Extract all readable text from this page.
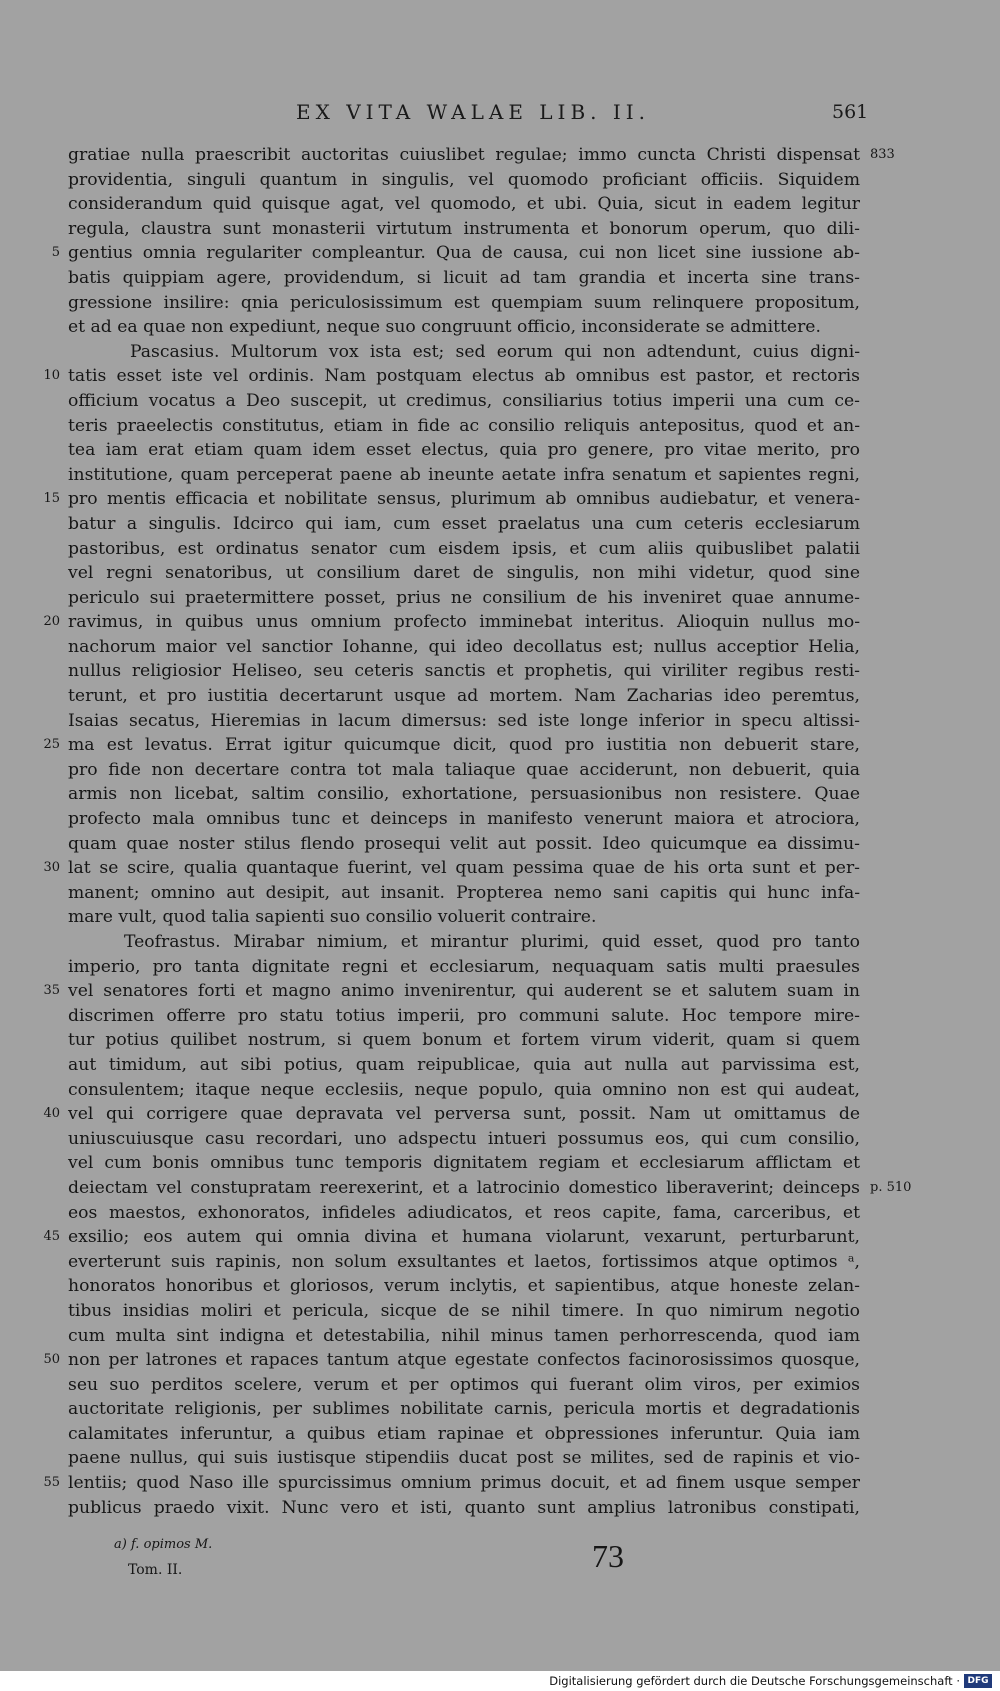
EX VITA WALAE LIB. II.	561
gratiae nulla praescribit auctoritas cuiuslibet regulae; immo cuncta Christi dispensat 833
providentia, singuli quantum in singulis, vel quomodo proficiant officiis. Siquidem
considerandum quid quisque agat, vel quomodo, et ubi. Quia, sicut in eadem legitur
regula, claustra sunt monasterii virtutum instrumenta et bonorum operum, quo dili-
gentius omnia regulariter compleantur. Qua de causa, cui non licet sine iussione ab-
5
batis quippiam agere, providendum, si licuit ad tam grandia et incerta sine trans-
gressione insilire: qnia periculosissimum est quempiam suum relinquere propositum,
et ad ea quae non expediunt, neque suo congruunt officio, inconsiderate se admittere.
Pascasius. Multorum vox ista est; sed eorum qui non adtendunt, cuius digni-
tatis esset iste vel ordinis. Nam postquam electus ab omnibus est pastor, et rectoris
10
officium vocatus a Deo suscepit, ut credimus, consiliarius totius imperii una cum ce-
teris praeelectis constitutus, etiam in fide ac consilio reliquis antepositus, quod et an-
tea iam erat etiam quam idem esset electus, quia pro genere, pro vitae merito, pro
institutione, quam perceperat paene ab ineunte aetate infra senatum et sapientes regni,
pro mentis efficacia et nobilitate sensus, plurimum ab omnibus audiebatur, et venera-
15
batur a singulis. Idcirco qui iam, cum esset praelatus una cum ceteris ecclesiarum
pastoribus, est ordinatus senator cum eisdem ipsis, et cum aliis quibuslibet palatii
vel regni senatoribus, ut consilium daret de singulis, non mihi videtur, quod sine
periculo sui praetermittere posset, prius ne consilium de his inveniret quae annume-
ravimus, in quibus unus omnium profecto imminebat interitus. Alioquin nullus mo-
20
nachorum maior vel sanctior Iohanne, qui ideo decollatus est; nullus acceptior Helia,
nullus religiosior Heliseo, seu ceteris sanctis et prophetis, qui viriliter regibus resti-
terunt, et pro iustitia decertarunt usque ad mortem. Nam Zacharias ideo peremtus,
Isaias secatus, Hieremias in lacum dimersus: sed iste longe inferior in specu altissi-
ma est levatus. Errat igitur quicumque dicit, quod pro iustitia non debuerit stare,
25
pro fide non decertare contra tot mala taliaque quae acciderunt, non debuerit, quia
armis non licebat, saltim consilio, exhortatione, persuasionibus non resistere. Quae
profecto mala omnibus tunc et deinceps in manifesto venerunt maiora et atrociora,
quam quae noster stilus flendo prosequi velit aut possit. Ideo quicumque ea dissimu-
lat se scire, qualia quantaque fuerint, vel quam pessima quae de his orta sunt et per-
30
manent; omnino aut desipit, aut insanit. Propterea nemo sani capitis qui hunc infa-
mare vult, quod talia sapienti suo consilio voluerit contraire.
Teofrastus. Mirabar nimium, et mirantur plurimi, quid esset, quod pro tanto
imperio, pro tanta dignitate regni et ecclesiarum, nequaquam satis multi praesules
vel senatores forti et magno animo invenirentur, qui auderent se et salutem suam in
35
discrimen offerre pro statu totius imperii, pro communi salute. Hoc tempore mire-
tur potius quilibet nostrum, si quem bonum et fortem virum viderit, quam si quem
aut timidum, aut sibi potius, quam reipublicae, quia aut nulla aut parvissima est,
consulentem; itaque neque ecclesiis, neque populo, quia omnino non est qui audeat,
vel qui corrigere quae depravata vel perversa sunt, possit. Nam ut omittamus de
40
uniuscuiusque casu recordari, uno adspectu intueri possumus eos, qui cum consilio,
vel cum bonis omnibus tunc temporis dignitatem regiam et ecclesiarum afflictam et
deiectam vel constupratam reerexerint, et a latrocinio domestico liberaverint; deinceps p. 510
eos maestos, exhonoratos, infideles adiudicatos, et reos capite, fama, carceribus, et
exsilio; eos autem qui omnia divina et humana violarunt, vexarunt, perturbarunt,
45
everterunt suis rapinis, non solum exsultantes et laetos, fortissimos atque optimos ᵃ,
honoratos honoribus et gloriosos, verum inclytis, et sapientibus, atque honeste zelan-
tibus insidias moliri et pericula, sicque de se nihil timere. In quo nimirum negotio
cum multa sint indigna et detestabilia, nihil minus tamen perhorrescenda, quod iam
non per latrones et rapaces tantum atque egestate confectos facinorosissimos quosque,
50
seu suo perditos scelere, verum et per optimos qui fuerant olim viros, per eximios
auctoritate religionis, per sublimes nobilitate carnis, pericula mortis et degradationis
calamitates inferuntur, a quibus etiam rapinae et obpressiones inferuntur. Quia iam
paene nullus, qui suis iustisque stipendiis ducat post se milites, sed de rapinis et vio-
lentiis; quod Naso ille spurcissimus omnium primus docuit, et ad finem usque semper
55
publicus praedo vixit. Nunc vero et isti, quanto sunt amplius latronibus constipati,
a) f. opimos M.
Tom. II.	73
Digitalisierung gefördert durch die Deutsche Forschungsgemeinschaft · DFG
